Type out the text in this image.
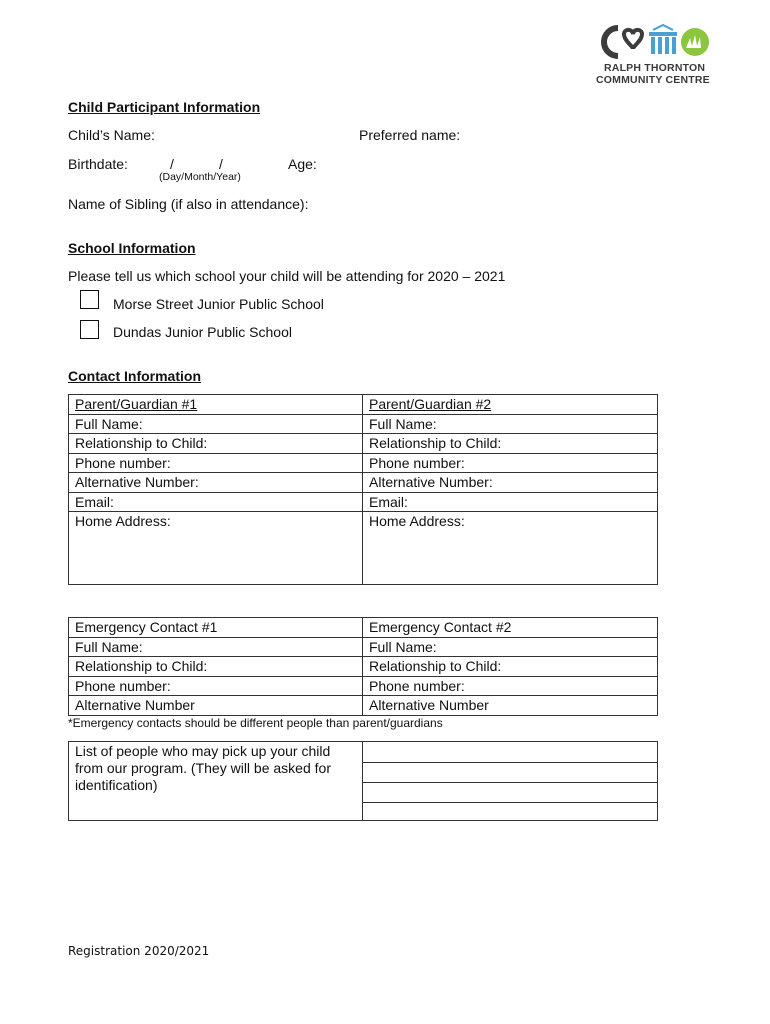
RALPH THORNTON
COMMUNITY CENTRE
Child Participant Information
Child’s Name:	Preferred name:
Birthdate:	/	/	Age:
(Day/Month/Year)
Name of Sibling (if also in attendance):
School Information
Please tell us which school your child will be attending for 2020 – 2021
Morse Street Junior Public School
Dundas Junior Public School
Contact Information
Parent/Guardian #1	Parent/Guardian #2
Full Name:	Full Name:
Relationship to Child:	Relationship to Child:
Phone number:	Phone number:
Alternative Number:	Alternative Number:
Email:	Email:
Home Address:	Home Address:
Emergency Contact #1	Emergency Contact #2
Full Name:	Full Name:
Relationship to Child:	Relationship to Child:
Phone number:	Phone number:
Alternative Number	Alternative Number
*Emergency contacts should be different people than parent/guardians
List of people who may pick up your child
from our program. (They will be asked for
identification)
Registration 2020/2021
